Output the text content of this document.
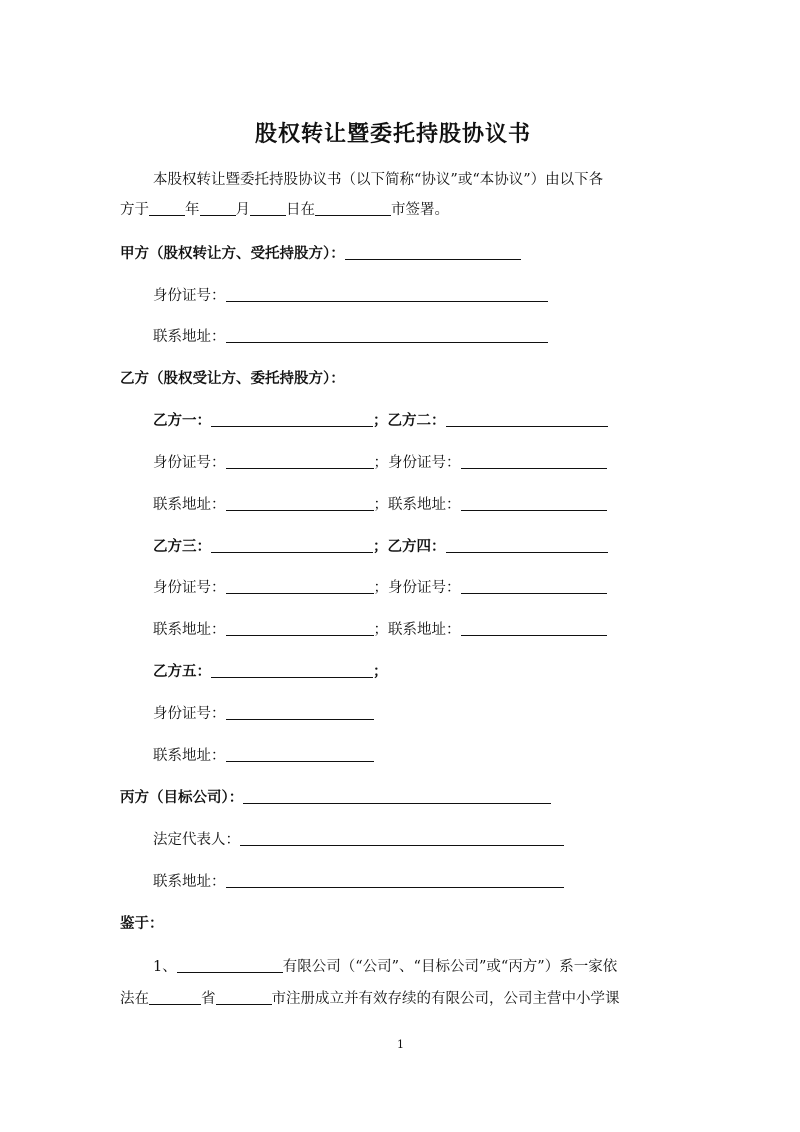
股权转让暨委托持股协议书
本股权转让暨委托持股协议书（以下简称“协议”或“本协议”）由以下各
方于 年 月 日在	市签署。
甲方（股权转让方、受托持股方）：
身份证号：
联系地址：
乙方（股权受让方、委托持股方）：
乙方一：	；乙方二：
身份证号：	；身份证号：
联系地址：	；联系地址：
乙方三：	；乙方四：
身份证号：	；身份证号：
联系地址：	；联系地址：
乙方五：	；
身份证号：
联系地址：
丙方（目标公司）：
法定代表人：
联系地址：
鉴于：
1、	有限公司（“公司”、“目标公司”或“丙方”）系一家依
法在	省	市注册成立并有效存续的有限公司，公司主营中小学课
1
